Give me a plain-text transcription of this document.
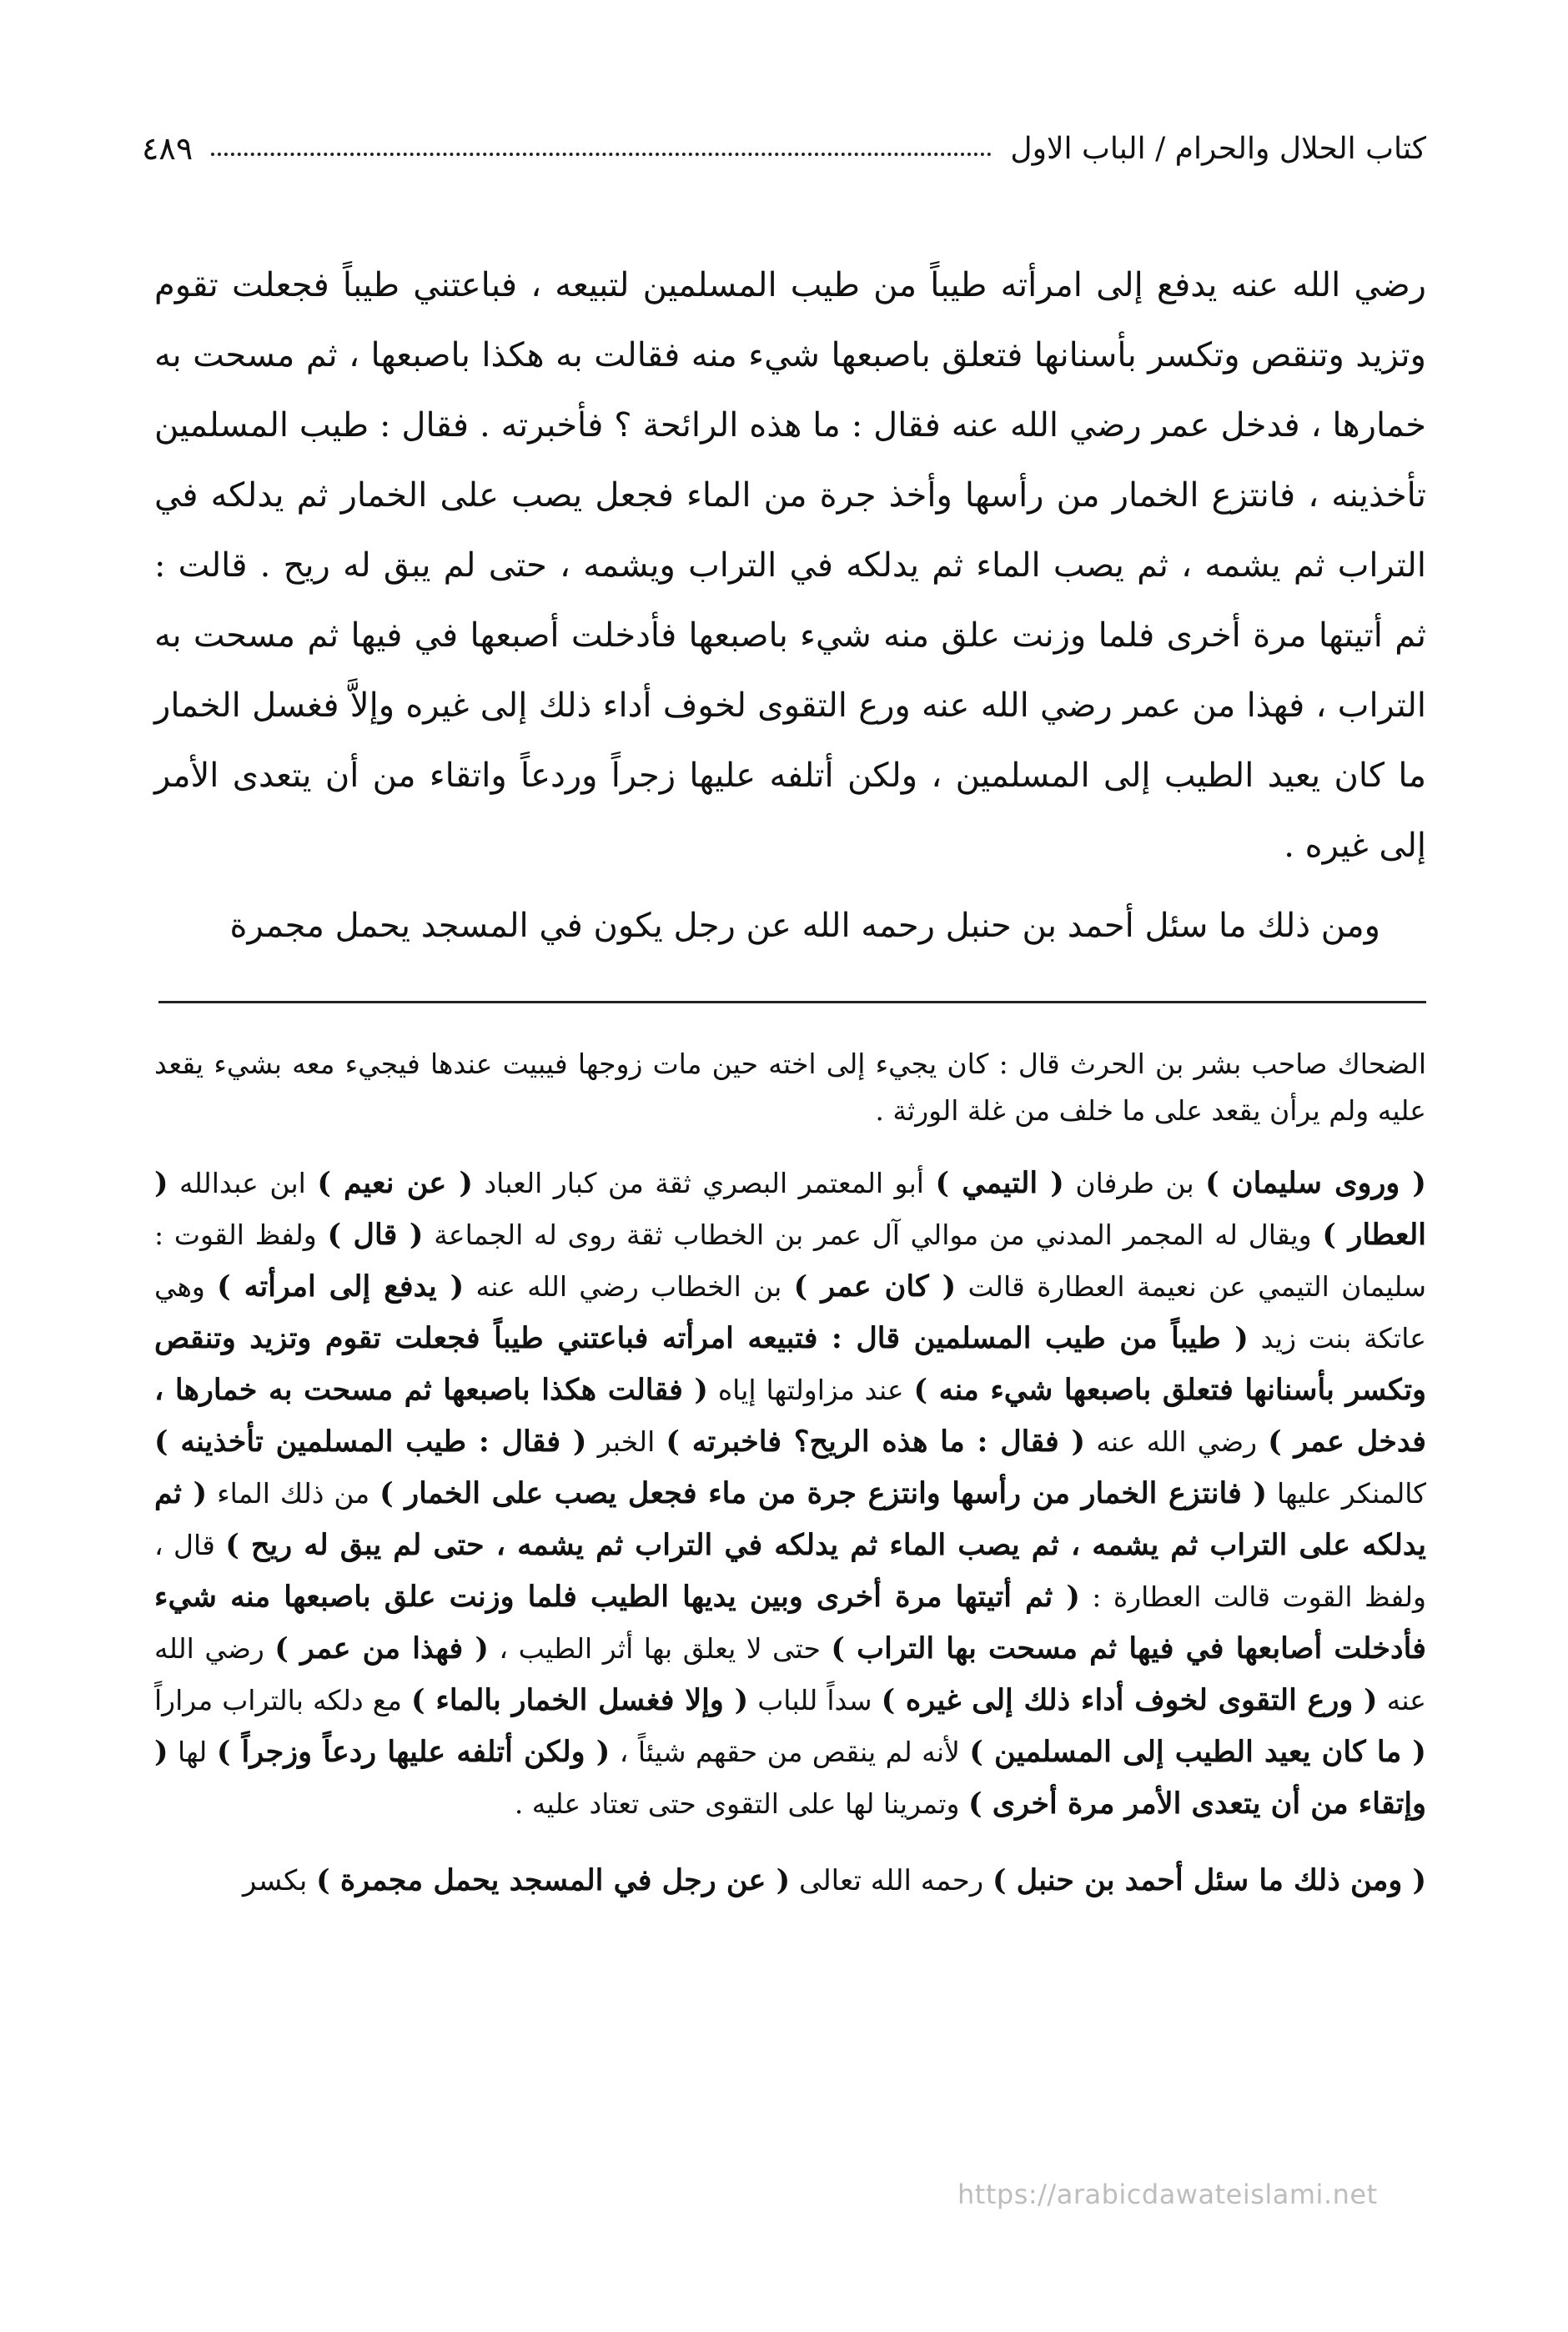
كتاب الحلال والحرام / الباب الاول
٤٨٩

رضي الله عنه يدفع إلى امرأته طيباً من طيب المسلمين لتبيعه ، فباعتني طيباً فجعلت تقوم وتزيد وتنقص وتكسر بأسنانها فتعلق باصبعها شيء منه فقالت به هكذا باصبعها ، ثم مسحت به خمارها ، فدخل عمر رضي الله عنه فقال : ما هذه الرائحة ؟ فأخبرته . فقال : طيب المسلمين تأخذينه ، فانتزع الخمار من رأسها وأخذ جرة من الماء فجعل يصب على الخمار ثم يدلكه في التراب ثم يشمه ، ثم يصب الماء ثم يدلكه في التراب ويشمه ، حتى لم يبق له ريح . قالت : ثم أتيتها مرة أخرى فلما وزنت علق منه شيء باصبعها فأدخلت أصبعها في فيها ثم مسحت به التراب ، فهذا من عمر رضي الله عنه ورع التقوى لخوف أداء ذلك إلى غيره وإلاَّ فغسل الخمار ما كان يعيد الطيب إلى المسلمين ، ولكن أتلفه عليها زجراً وردعاً واتقاء من أن يتعدى الأمر إلى غيره .

ومن ذلك ما سئل أحمد بن حنبل رحمه الله عن رجل يكون في المسجد يحمل مجمرة

الضحاك صاحب بشر بن الحرث قال : كان يجيء إلى اخته حين مات زوجها فيبيت عندها فيجيء معه بشيء يقعد عليه ولم يرأن يقعد على ما خلف من غلة الورثة .

( وروى سليمان ) بن طرفان ( التيمي ) أبو المعتمر البصري ثقة من كبار العباد ( عن نعيم ) ابن عبدالله ( العطار ) ويقال له المجمر المدني من موالي آل عمر بن الخطاب ثقة روى له الجماعة ( قال ) ولفظ القوت : سليمان التيمي عن نعيمة العطارة قالت ( كان عمر ) بن الخطاب رضي الله عنه ( يدفع إلى امرأته ) وهي عاتكة بنت زيد ( طيباً من طيب المسلمين قال : فتبيعه امرأته فباعتني طيباً فجعلت تقوم وتزيد وتنقص وتكسر بأسنانها فتعلق باصبعها شيء منه ) عند مزاولتها إياه ( فقالت هكذا باصبعها ثم مسحت به خمارها ، فدخل عمر ) رضي الله عنه ( فقال : ما هذه الريح؟ فاخبرته ) الخبر ( فقال : طيب المسلمين تأخذينه ) كالمنكر عليها ( فانتزع الخمار من رأسها وانتزع جرة من ماء فجعل يصب على الخمار ) من ذلك الماء ( ثم يدلكه على التراب ثم يشمه ، ثم يصب الماء ثم يدلكه في التراب ثم يشمه ، حتى لم يبق له ريح ) قال ، ولفظ القوت قالت العطارة : ( ثم أتيتها مرة أخرى وبين يديها الطيب فلما وزنت علق باصبعها منه شيء فأدخلت أصابعها في فيها ثم مسحت بها التراب ) حتى لا يعلق بها أثر الطيب ، ( فهذا من عمر ) رضي الله عنه ( ورع التقوى لخوف أداء ذلك إلى غيره ) سداً للباب ( وإلا فغسل الخمار بالماء ) مع دلكه بالتراب مراراً ( ما كان يعيد الطيب إلى المسلمين ) لأنه لم ينقص من حقهم شيئاً ، ( ولكن أتلفه عليها ردعاً وزجراً ) لها ( وإتقاء من أن يتعدى الأمر مرة أخرى ) وتمرينا لها على التقوى حتى تعتاد عليه .

( ومن ذلك ما سئل أحمد بن حنبل ) رحمه الله تعالى ( عن رجل في المسجد يحمل مجمرة ) بكسر

https://arabicdawateislami.net
